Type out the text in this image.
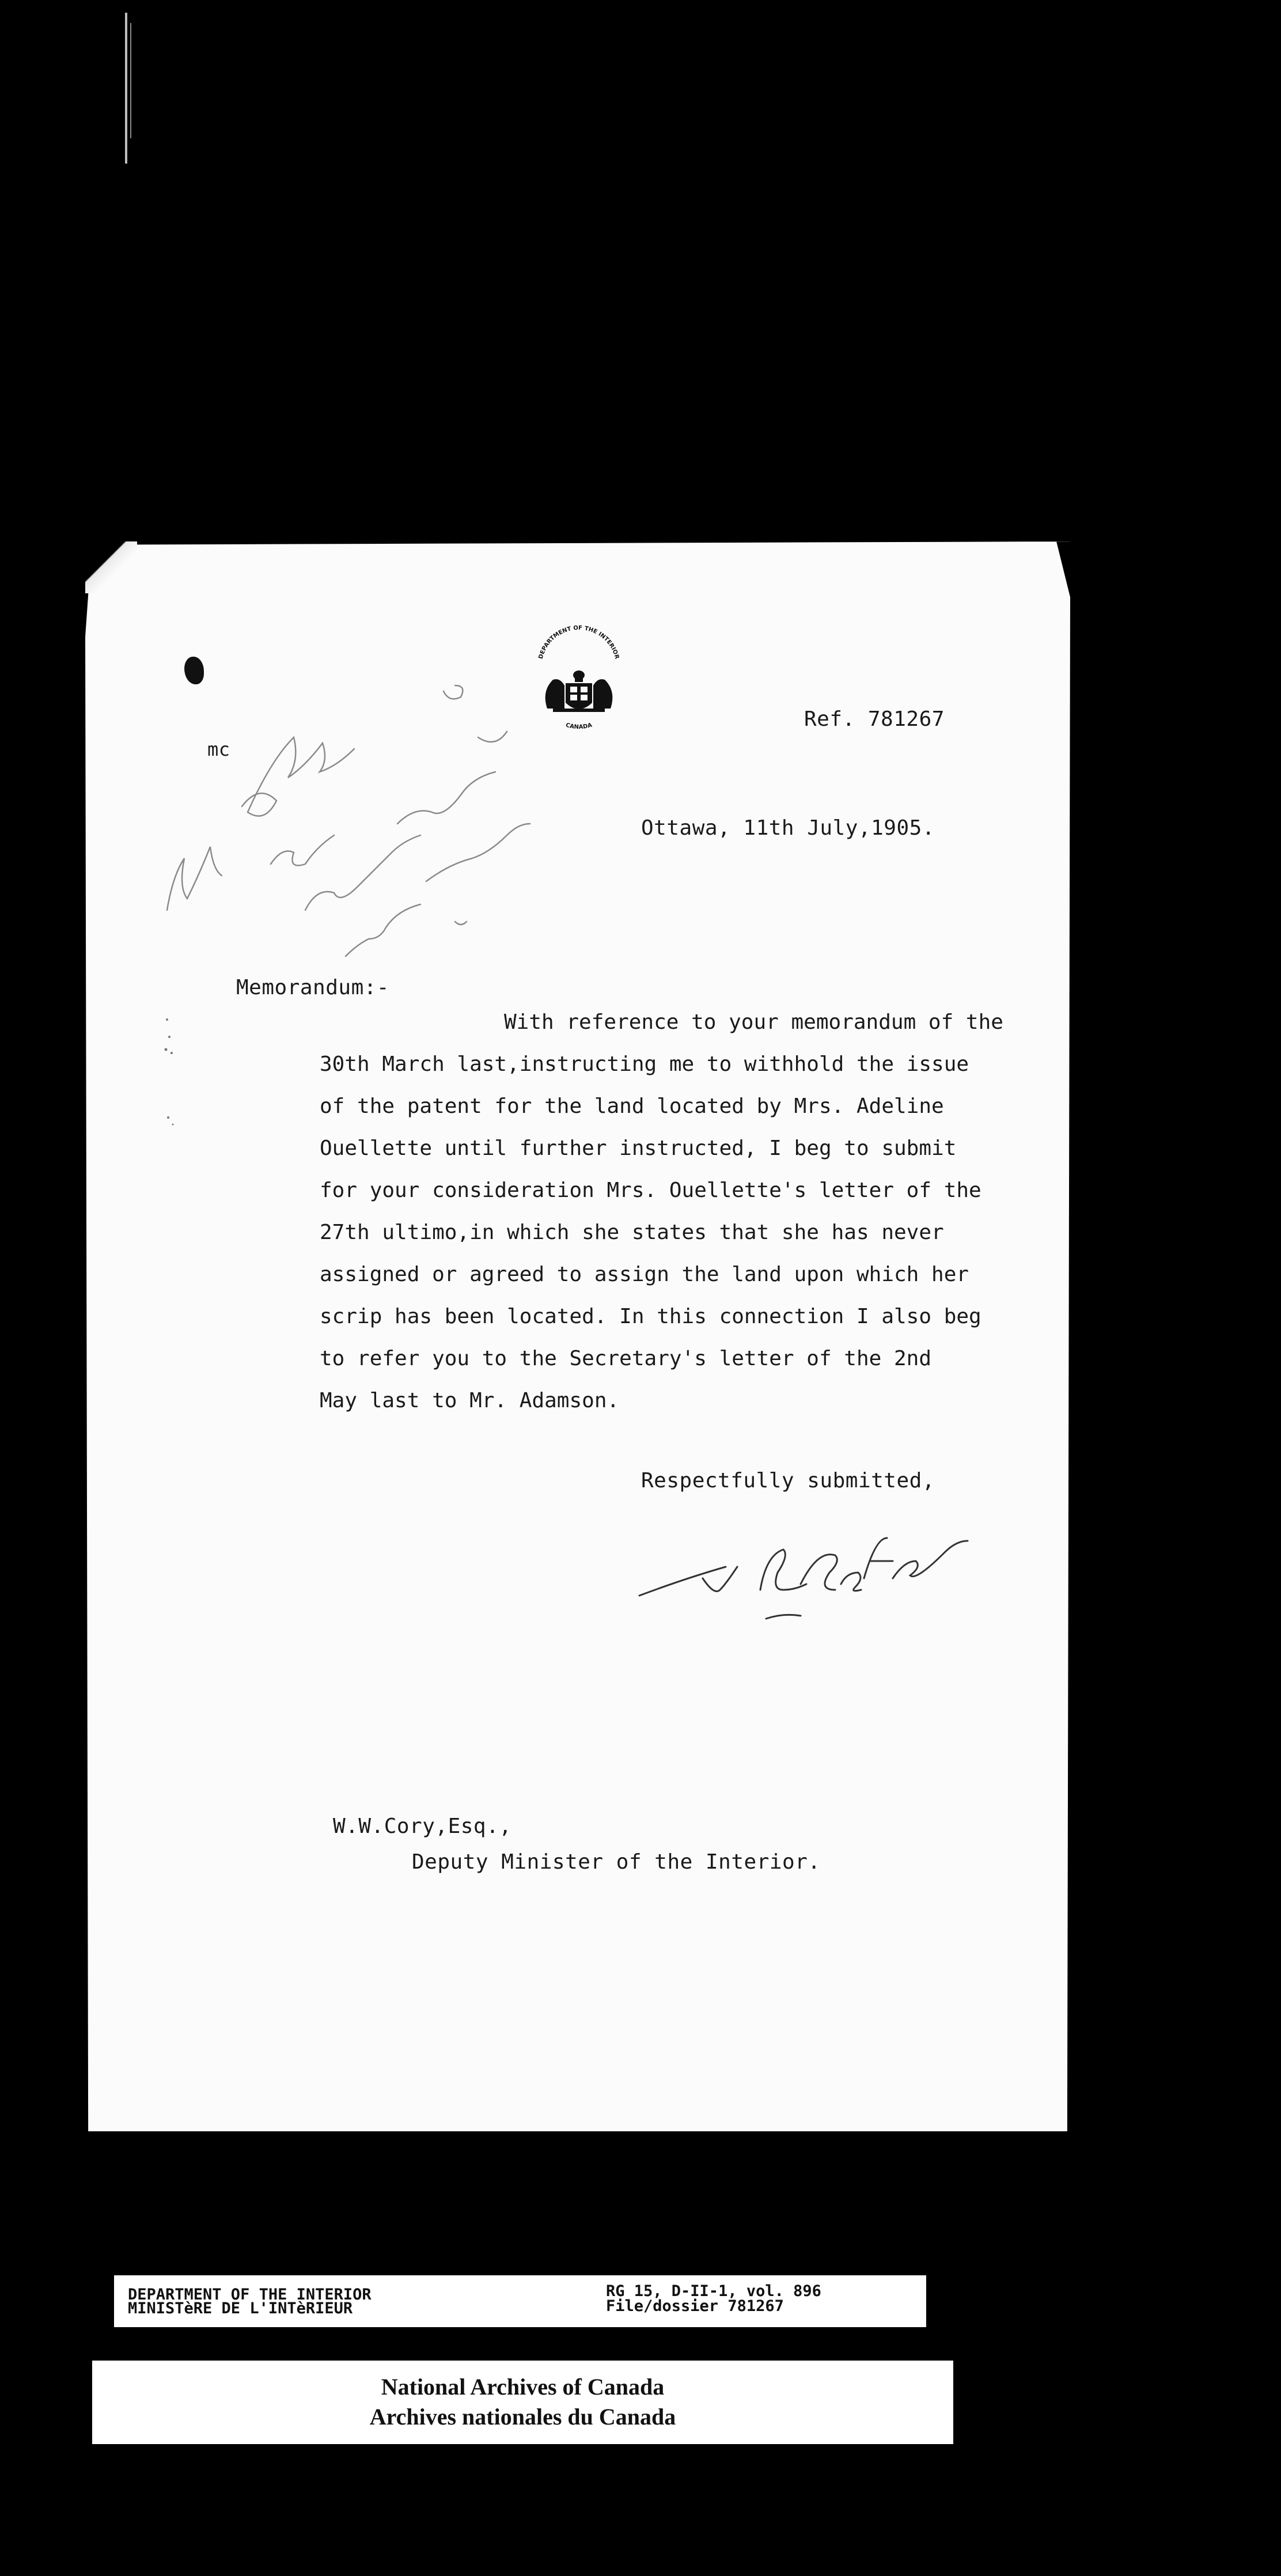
DEPARTMENT OF THE INTERIOR
CANADA
mc
Ref. 781267
Ottawa, 11th July,1905.
Memorandum:-
With reference to your memorandum of the
30th March last,instructing me to withhold the issue
of the patent for the land located by Mrs. Adeline
Ouellette until further instructed, I beg to submit
for your consideration Mrs. Ouellette's letter of the
27th ultimo,in which she states that she has never
assigned or agreed to assign the land upon which her
scrip has been located. In this connection I also beg
to refer you to the Secretary's letter of the 2nd
May last to Mr. Adamson.
Respectfully submitted,
W.W.Cory,Esq.,
Deputy Minister of the Interior.
DEPARTMENT OF THE INTERIOR
MINISTèRE DE L'INTèRIEUR
RG 15, D-II-1, vol. 896
File/dossier 781267
National Archives of Canada
Archives nationales du Canada
